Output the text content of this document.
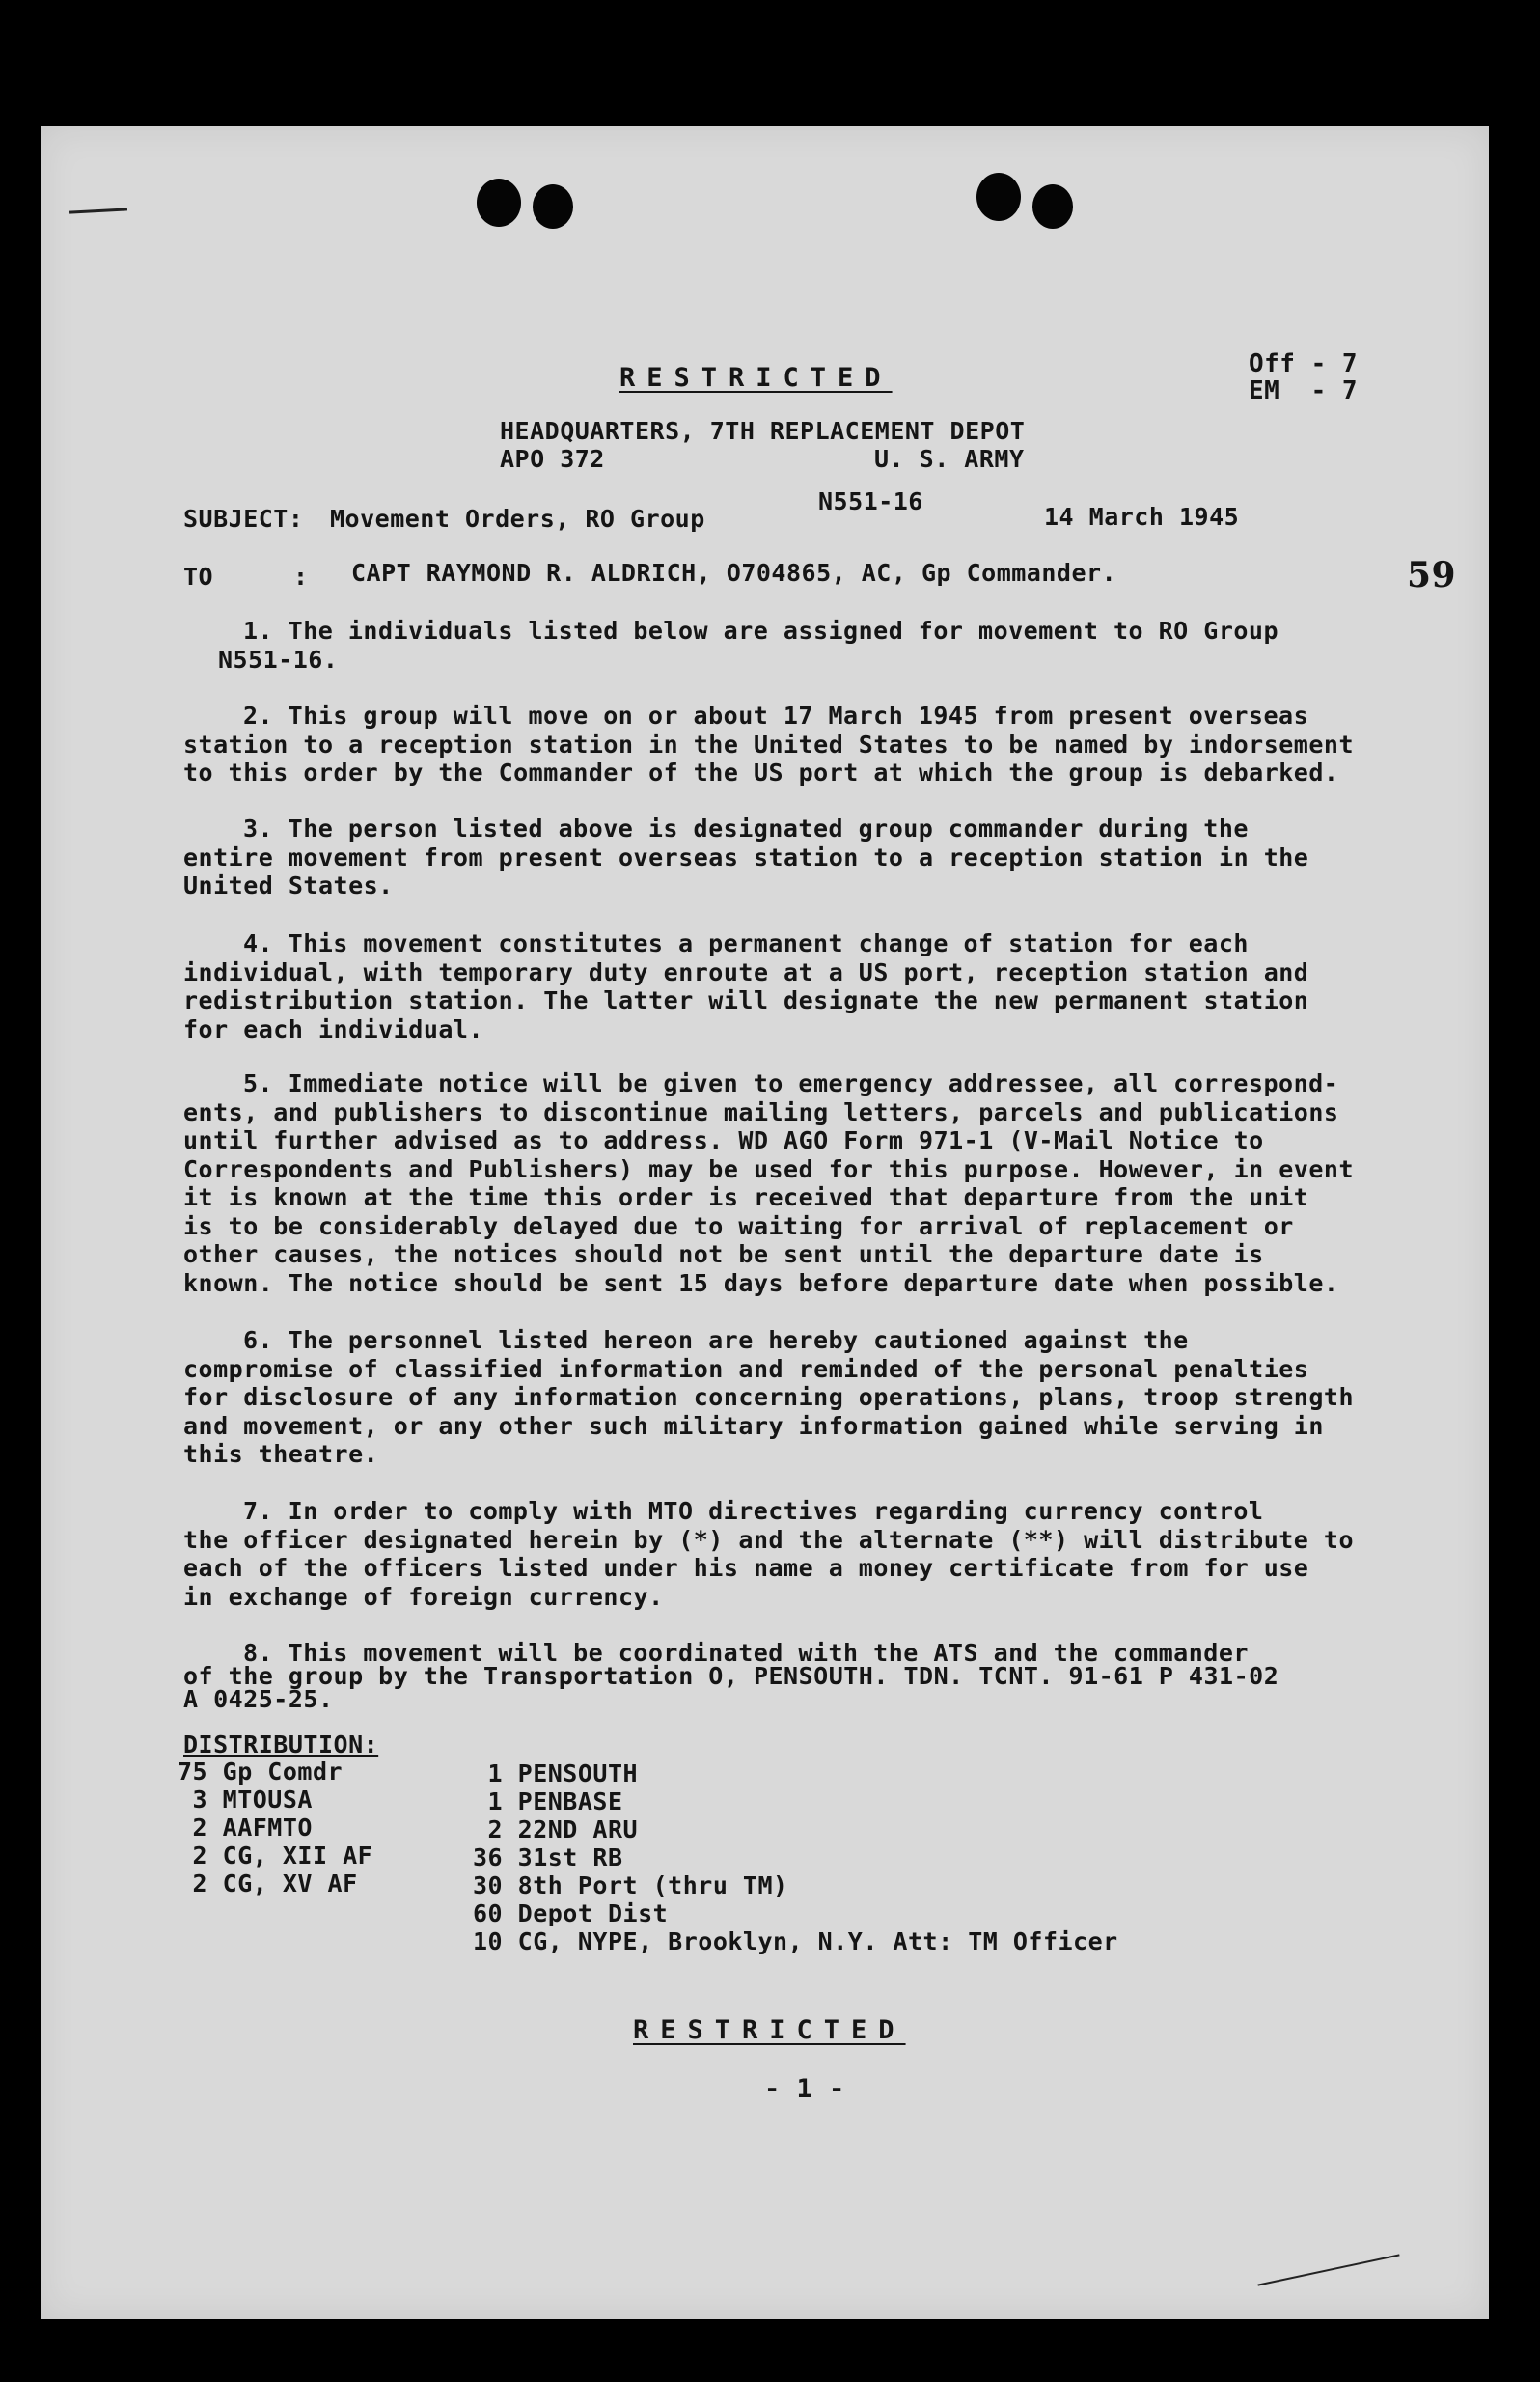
RESTRICTED	Off - 7
EM  - 7
HEADQUARTERS, 7TH REPLACEMENT DEPOT
APO 372	U. S. ARMY
SUBJECT: Movement Orders, RO Group
N551-16
14 March 1945
TO	: CAPT RAYMOND R. ALDRICH, O704865, AC, Gp Commander.	59

1. The individuals listed below are assigned for movement to RO Group

N551-16.

2. This group will move on or about 17 March 1945 from present overseas

station to a reception station in the United States to be named by indorsement

to this order by the Commander of the US port at which the group is debarked.

3. The person listed above is designated group commander during the

entire movement from present overseas station to a reception station in the

United States.

4. This movement constitutes a permanent change of station for each

individual, with temporary duty enroute at a US port, reception station and

redistribution station. The latter will designate the new permanent station

for each individual.

5. Immediate notice will be given to emergency addressee, all correspond-

ents, and publishers to discontinue mailing letters, parcels and publications

until further advised as to address. WD AGO Form 971-1 (V-Mail Notice to

Correspondents and Publishers) may be used for this purpose. However, in event

it is known at the time this order is received that departure from the unit

is to be considerably delayed due to waiting for arrival of replacement or

other causes, the notices should not be sent until the departure date is

known. The notice should be sent 15 days before departure date when possible.

6. The personnel listed hereon are hereby cautioned against the

compromise of classified information and reminded of the personal penalties

for disclosure of any information concerning operations, plans, troop strength

and movement, or any other such military information gained while serving in

this theatre.

7. In order to comply with MTO directives regarding currency control

the officer designated herein by (*) and the alternate (**) will distribute to

each of the officers listed under his name a money certificate from for use

in exchange of foreign currency.

8. This movement will be coordinated with the ATS and the commander

of the group by the Transportation O, PENSOUTH. TDN. TCNT. 91-61 P 431-02

A 0425-25.

DISTRIBUTION:
75 Gp Comdr
3 MTOUSA
2 AAFMTO
2 CG, XII AF
2 CG, XV AF
1 PENSOUTH
1 PENBASE
2 22ND ARU
36 31st RB
30 8th Port (thru TM)
60 Depot Dist
10 CG, NYPE, Brooklyn, N.Y. Att: TM Officer
RESTRICTED
- 1 -
